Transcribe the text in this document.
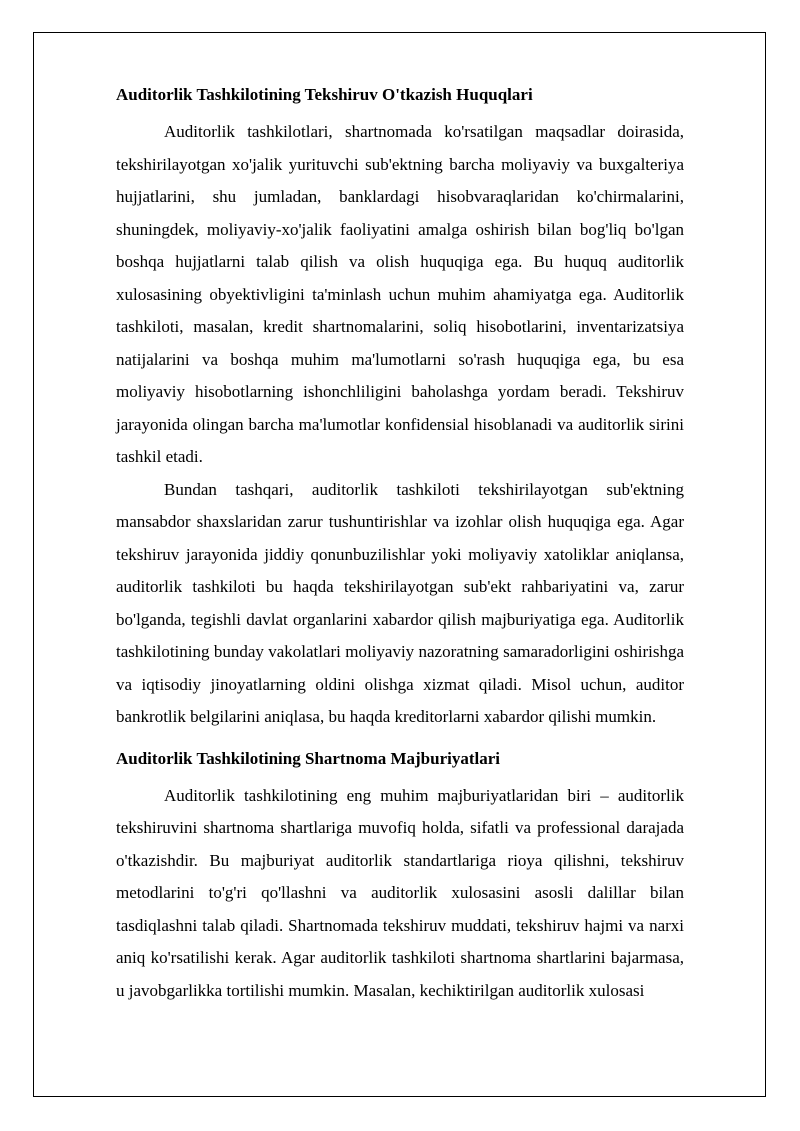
Auditorlik Tashkilotining Tekshiruv O'tkazish Huquqlari

Auditorlik tashkilotlari, shartnomada ko'rsatilgan maqsadlar doirasida, tekshirilayotgan xo'jalik yurituvchi sub'ektning barcha moliyaviy va buxgalteriya hujjatlarini, shu jumladan, banklardagi hisobvaraqlaridan ko'chirmalarini, shuningdek, moliyaviy-xo'jalik faoliyatini amalga oshirish bilan bog'liq bo'lgan boshqa hujjatlarni talab qilish va olish huquqiga ega. Bu huquq auditorlik xulosasining obyektivligini ta'minlash uchun muhim ahamiyatga ega. Auditorlik tashkiloti, masalan, kredit shartnomalarini, soliq hisobotlarini, inventarizatsiya natijalarini va boshqa muhim ma'lumotlarni so'rash huquqiga ega, bu esa moliyaviy hisobotlarning ishonchliligini baholashga yordam beradi. Tekshiruv jarayonida olingan barcha ma'lumotlar konfidensial hisoblanadi va auditorlik sirini tashkil etadi.

Bundan tashqari, auditorlik tashkiloti tekshirilayotgan sub'ektning mansabdor shaxslaridan zarur tushuntirishlar va izohlar olish huquqiga ega. Agar tekshiruv jarayonida jiddiy qonunbuzilishlar yoki moliyaviy xatoliklar aniqlansa, auditorlik tashkiloti bu haqda tekshirilayotgan sub'ekt rahbariyatini va, zarur bo'lganda, tegishli davlat organlarini xabardor qilish majburiyatiga ega. Auditorlik tashkilotining bunday vakolatlari moliyaviy nazoratning samaradorligini oshirishga va iqtisodiy jinoyatlarning oldini olishga xizmat qiladi. Misol uchun, auditor bankrotlik belgilarini aniqlasa, bu haqda kreditorlarni xabardor qilishi mumkin.

Auditorlik Tashkilotining Shartnoma Majburiyatlari

Auditorlik tashkilotining eng muhim majburiyatlaridan biri – auditorlik tekshiruvini shartnoma shartlariga muvofiq holda, sifatli va professional darajada o'tkazishdir. Bu majburiyat auditorlik standartlariga rioya qilishni, tekshiruv metodlarini to'g'ri qo'llashni va auditorlik xulosasini asosli dalillar bilan tasdiqlashni talab qiladi. Shartnomada tekshiruv muddati, tekshiruv hajmi va narxi aniq ko'rsatilishi kerak. Agar auditorlik tashkiloti shartnoma shartlarini bajarmasa, u javobgarlikka tortilishi mumkin. Masalan, kechiktirilgan auditorlik xulosasi
